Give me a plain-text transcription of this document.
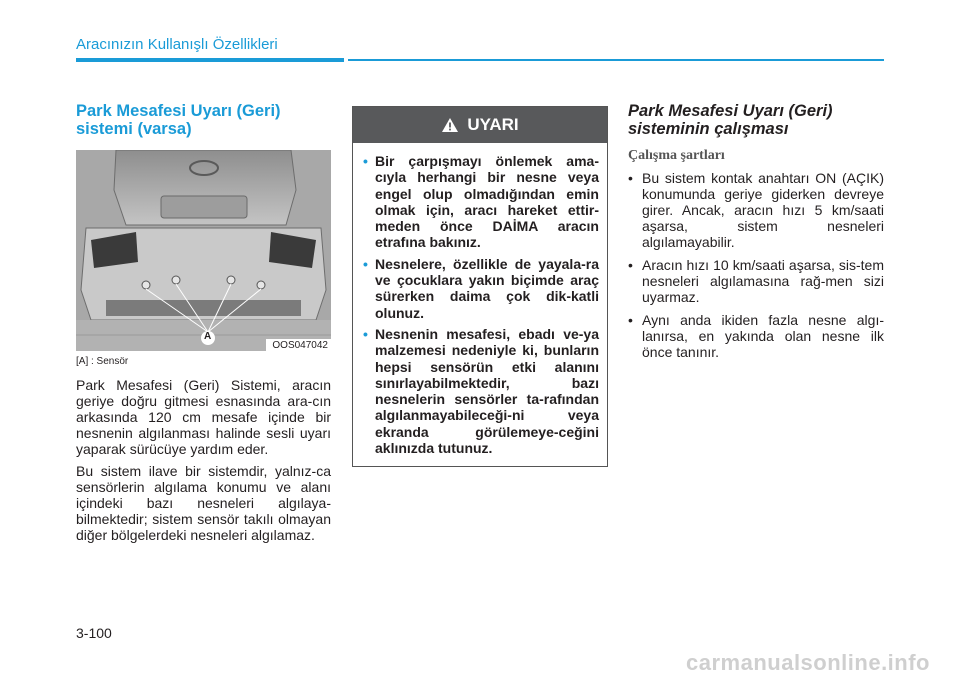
Aracınızın Kullanışlı Özellikleri
Park Mesafesi Uyarı (Geri)
sistemi (varsa)
A
OOS047042
[A] : Sensör

Park Mesafesi (Geri) Sistemi, aracın geriye doğru gitmesi esnasında ara-cın arkasında 120 cm mesafe içinde bir nesnenin algılanması halinde sesli uyarı yaparak sürücüye yardım eder.

Bu sistem ilave bir sistemdir, yalnız-ca sensörlerin algılama konumu ve alanı içindeki bazı nesneleri algılaya-bilmektedir; sistem sensör takılı olmayan diğer bölgelerdeki nesneleri algılamaz.

UYARI
• Bir çarpışmayı önlemek ama-cıyla herhangi bir nesne veya engel olup olmadığından emin olmak için, aracı hareket ettir-meden önce DAİMA aracın etrafına bakınız.
• Nesnelere, özellikle de yayala-ra ve çocuklara yakın biçimde araç sürerken daima çok dik-katli olunuz.
• Nesnenin mesafesi, ebadı ve-ya malzemesi nedeniyle ki, bunların hepsi sensörün etki alanını sınırlayabilmektedir, bazı nesnelerin sensörler ta-rafından algılanmayabileceği-ni veya ekranda görülemeye-ceğini aklınızda tutunuz.
Park Mesafesi Uyarı (Geri)
sisteminin çalışması
Çalışma şartları
• Bu sistem kontak anahtarı ON (AÇIK) konumunda geriye giderken devreye girer. Ancak, aracın hızı 5 km/saati aşarsa, sistem nesneleri algılamayabilir.
• Aracın hızı 10 km/saati aşarsa, sis-tem nesneleri algılamasına rağ-men sizi uyarmaz.
• Aynı anda ikiden fazla nesne algı-lanırsa, en yakında olan nesne ilk önce tanınır.
3-100
carmanualsonline.info
